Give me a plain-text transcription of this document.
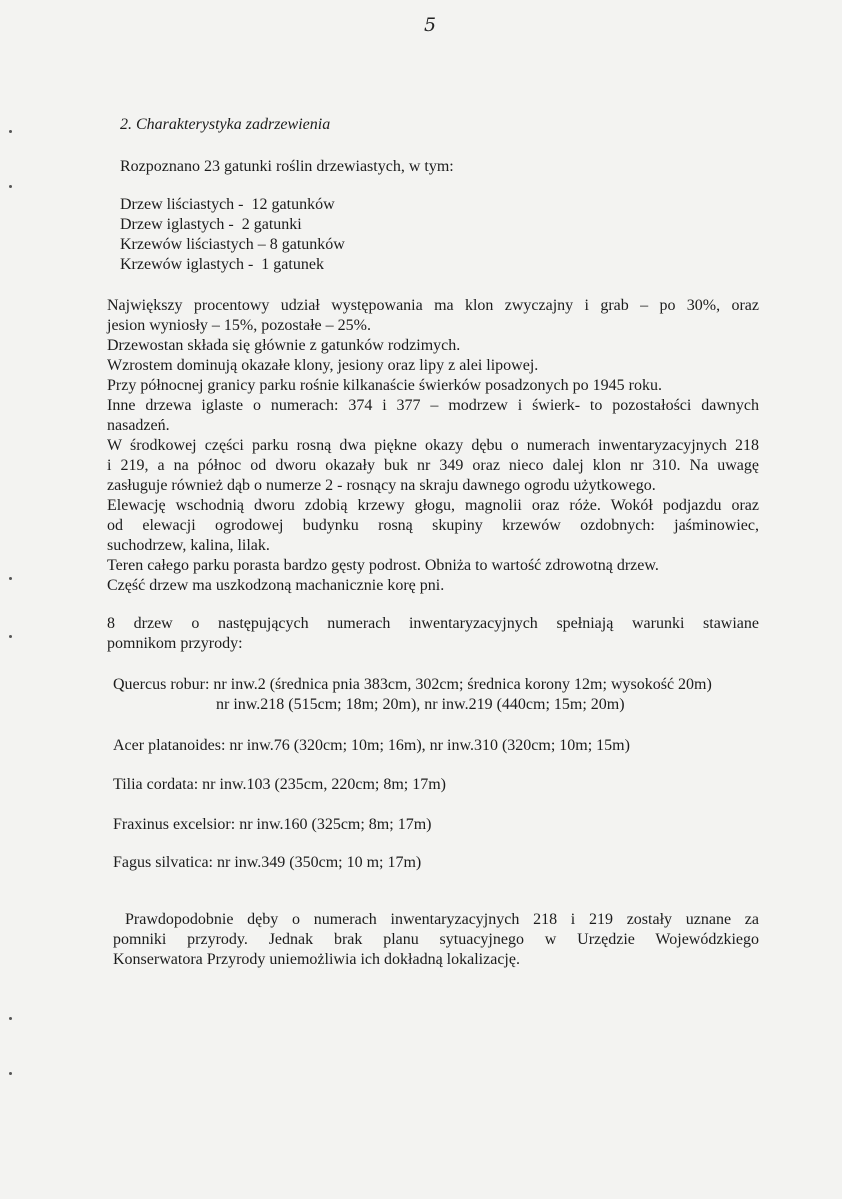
5
2. Charakterystyka zadrzewienia
Rozpoznano 23 gatunki roślin drzewiastych, w tym:
Drzew liściastych - 12 gatunków
Drzew iglastych - 2 gatunki
Krzewów liściastych – 8 gatunków
Krzewów iglastych - 1 gatunek
Największy procentowy udział występowania ma klon zwyczajny i grab – po 30%, oraz
jesion wyniosły – 15%, pozostałe – 25%.
Drzewostan składa się głównie z gatunków rodzimych.
Wzrostem dominują okazałe klony, jesiony oraz lipy z alei lipowej.
Przy północnej granicy parku rośnie kilkanaście świerków posadzonych po 1945 roku.
Inne drzewa iglaste o numerach: 374 i 377 – modrzew i świerk- to pozostałości dawnych
nasadzeń.
W środkowej części parku rosną dwa piękne okazy dębu o numerach inwentaryzacyjnych 218
i 219, a na północ od dworu okazały buk nr 349 oraz nieco dalej klon nr 310. Na uwagę
zasługuje również dąb o numerze 2 - rosnący na skraju dawnego ogrodu użytkowego.
Elewację wschodnią dworu zdobią krzewy głogu, magnolii oraz róże. Wokół podjazdu oraz
od elewacji ogrodowej budynku rosną skupiny krzewów ozdobnych: jaśminowiec,
suchodrzew, kalina, lilak.
Teren całego parku porasta bardzo gęsty podrost. Obniża to wartość zdrowotną drzew.
Część drzew ma uszkodzoną machanicznie korę pni.
8 drzew o następujących numerach inwentaryzacyjnych spełniają warunki stawiane
pomnikom przyrody:
Quercus robur: nr inw.2 (średnica pnia 383cm, 302cm; średnica korony 12m; wysokość 20m)
nr inw.218 (515cm; 18m; 20m), nr inw.219 (440cm; 15m; 20m)
Acer platanoides: nr inw.76 (320cm; 10m; 16m), nr inw.310 (320cm; 10m; 15m)
Tilia cordata: nr inw.103 (235cm, 220cm; 8m; 17m)
Fraxinus excelsior: nr inw.160 (325cm; 8m; 17m)
Fagus silvatica: nr inw.349 (350cm; 10 m; 17m)
Prawdopodobnie dęby o numerach inwentaryzacyjnych 218 i 219 zostały uznane za
pomniki przyrody. Jednak brak planu sytuacyjnego w Urzędzie Wojewódzkiego
Konserwatora Przyrody uniemożliwia ich dokładną lokalizację.
